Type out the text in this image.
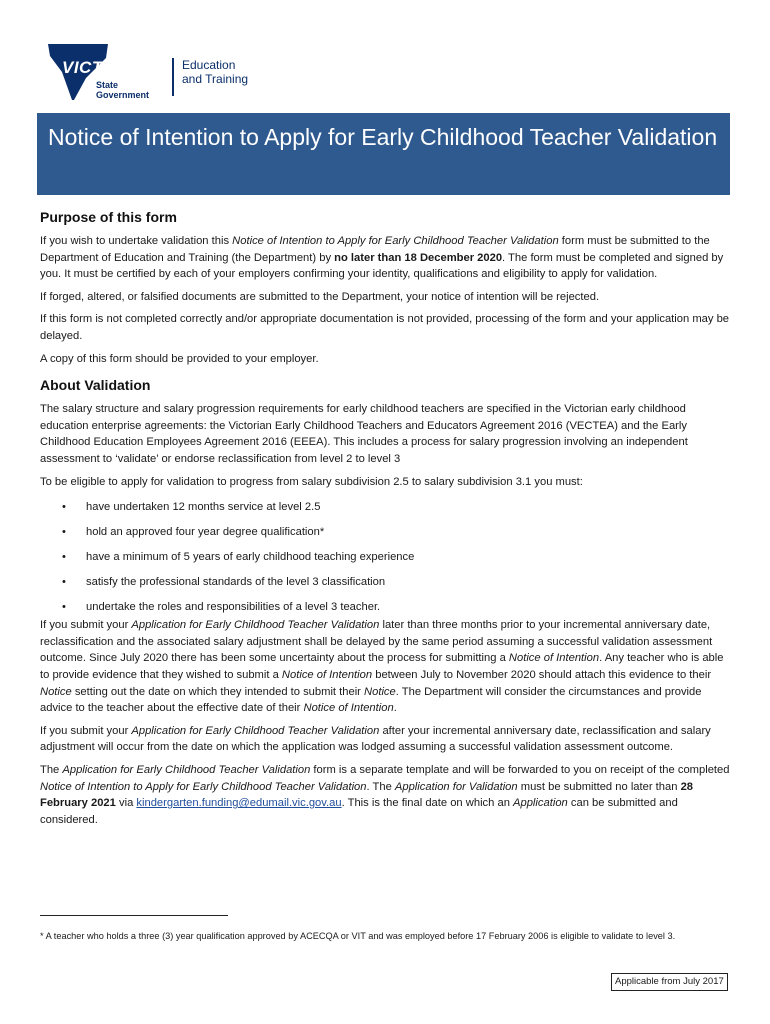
VICTORIA
State
Government
Education
and Training
Notice of Intention to Apply for Early Childhood Teacher Validation
Purpose of this form

If you wish to undertake validation this Notice of Intention to Apply for Early Childhood Teacher Validation form must be submitted to the Department of Education and Training (the Department) by no later than 18 December 2020. The form must be completed and signed by you. It must be certified by each of your employers confirming your identity, qualifications and eligibility to apply for validation.

If forged, altered, or falsified documents are submitted to the Department, your notice of intention will be rejected.

If this form is not completed correctly and/or appropriate documentation is not provided, processing of the form and your application may be delayed.

A copy of this form should be provided to your employer.

About Validation

The salary structure and salary progression requirements for early childhood teachers are specified in the Victorian early childhood education enterprise agreements: the Victorian Early Childhood Teachers and Educators Agreement 2016 (VECTEA) and the Early Childhood Education Employees Agreement 2016 (EEEA). This includes a process for salary progression involving an independent assessment to ‘validate’ or endorse reclassification from level 2 to level 3

To be eligible to apply for validation to progress from salary subdivision 2.5 to salary subdivision 3.1 you must:

• have undertaken 12 months service at level 2.5
• hold an approved four year degree qualification*
• have a minimum of 5 years of early childhood teaching experience
• satisfy the professional standards of the level 3 classification
• undertake the roles and responsibilities of a level 3 teacher.

If you submit your Application for Early Childhood Teacher Validation later than three months prior to your incremental anniversary date, reclassification and the associated salary adjustment shall be delayed by the same period assuming a successful validation assessment outcome. Since July 2020 there has been some uncertainty about the process for submitting a Notice of Intention. Any teacher who is able to provide evidence that they wished to submit a Notice of Intention between July to November 2020 should attach this evidence to their Notice setting out the date on which they intended to submit their Notice. The Department will consider the circumstances and provide advice to the teacher about the effective date of their Notice of Intention.

If you submit your Application for Early Childhood Teacher Validation after your incremental anniversary date, reclassification and salary adjustment will occur from the date on which the application was lodged assuming a successful validation assessment outcome.

The Application for Early Childhood Teacher Validation form is a separate template and will be forwarded to you on receipt of the completed Notice of Intention to Apply for Early Childhood Teacher Validation. The Application for Validation must be submitted no later than 28 February 2021 via kindergarten.funding@edumail.vic.gov.au. This is the final date on which an Application can be submitted and considered.

* A teacher who holds a three (3) year qualification approved by ACECQA or VIT and was employed before 17 February 2006 is eligible to validate to level 3.
Applicable from July 2017
